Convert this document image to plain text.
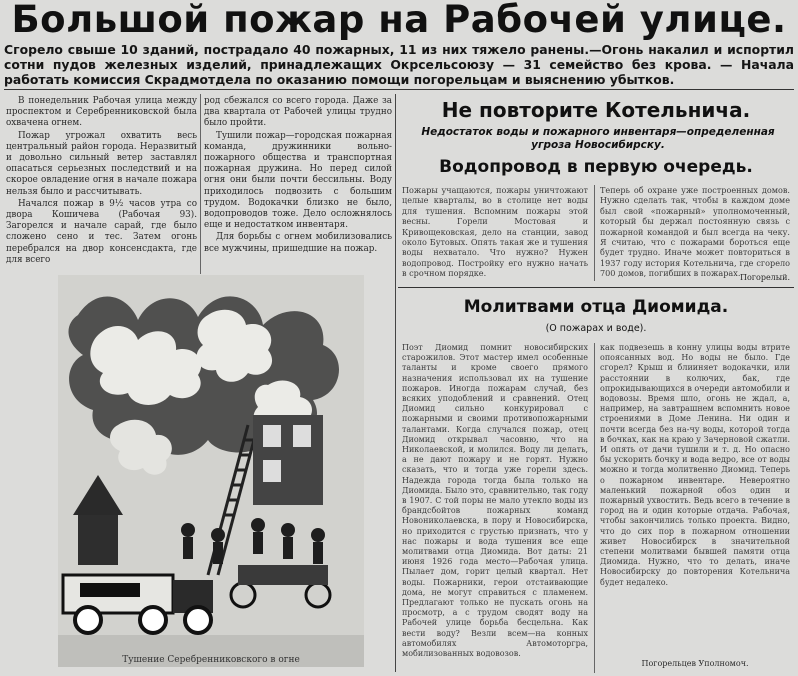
Большой пожар на Рабочей улице.
Сгорело свыше 10 зданий, пострадало 40 пожарных, 11 из них тяжело ранены.—Огонь накалил и испортил сотни пудов железных изделий, принадлежащих Окрсельсоюзу — 31 семейство без крова. — Начала работать комиссия Скрадмотдела по оказанию помощи погорельцам и выяснению убытков.

В понедельник Рабочая улица между проспектом и Серебренниковской была охвачена огнем.

Пожар угрожал охватить весь центральный район города. Неразвитый и довольно сильный ветер заставлял опасаться серьезных последствий и на скорое овладение огня в начале пожара нельзя было и рассчитывать.

Начался пожар в 9½ часов утра со двора Кошичева (Рабочая 93). Загорелся и начале сарай, где было сложено сено и тес. Затем огонь перебрался на двор консенсдакта, где для всего

род сбежался со всего города. Даже за два квартала от Рабочей улицы трудно было пройти.

Тушили пожар—городская пожарная команда, дружинники вольно-пожарного общества и транспортная пожарная дружина. Но перед силой огня они были почти бессильны. Воду приходилось подвозить с большим трудом. Водокачки близко не было, водопроводов тоже. Дело осложнялось еще и недостатком инвентаря.

Для борьбы с огнем мобилизовались все мужчины, пришедшие на пожар.

Тушение Серебренниковского в огне
Не повторите Котельнича.
Недостаток воды и пожарного инвентаря—определенная угроза Новосибирску.
Водопровод в первую очередь.
Пожары учащаются, пожары уничтожают целые кварталы, во в столице нет воды для тушения. Вспомним пожары этой весны. Горели Мостовая и Кривощековская, дело на станции, завод около Бутовых. Опять такая же и тушения воды нехватало. Что нужно? Нужен водопровод. Постройку его нужно начать в срочном порядке.
Теперь об охране уже построенных домов. Нужно сделать так, чтобы в каждом доме был свой «пожарный» уполномоченный, который бы держал постоянную связь с пожарной командой и был всегда на чеку. Я считаю, что с пожарами бороться еще будет трудно. Иначе может повториться в 1937 году история Котельнича, где сгорело 700 домов, погибших в пожарах. Погорелый.
Молитвами отца Диомида.
(О пожарах и воде).
Поэт Диомид помнит новосибирских старожилов. Этот мастер имел особенные таланты и кроме своего прямого назначения использовал их на тушение пожаров. Иногда пожарам случай, без всяких уподоблений и сравнений. Отец Диомид сильно конкурировал с пожарными и своими противопожарными талантами. Когда случался пожар, отец Диомид открывал часовню, что на Николаевской, и молился. Воду ли делать, а не дают пожару и не горят. Нужно сказать, что и тогда уже горели здесь. Надежда города тогда была только на Диомида. Было это, сравнительно, так году в 1907. С той поры не мало утекло воды из брандсбойтов пожарных команд Новониколаевска, в пору и Новосибирска, но приходится с грустью признать, что у нас пожары и вода тушения все еще молитвами отца Диомида. Вот даты: 21 июня 1926 года место—Рабочая улица. Пылает дом, горит целый квартал. Нет воды. Пожарники, герои отстаивающие дома, не могут справиться с пламенем. Предлагают только не пускать огонь на просмотр, а с трудом сводят воду на Рабочей улице борьба бесцельна. Как вести воду? Везли всем—на конных автомобилях Автомоторгра, мобилизованных водовозов.
как подвезешь в конну улицы воды втрите опоясанных вод. Но воды не было. Где сгорел? Крыш и блииняет водокачки, или расстоянии в колючих, бак, где опрокидывающихся в очереди автомобили и водовозы. Время шло, огонь не ждал, а, например, на завтрашнем вспомнить новое строениями в Доме Ленина. Ни один и почти всегда без на-чу воды, которой тогда в бочках, как на краю у Зачерновой сжатли. И опять от дачи тушили и т. д. Но опасно бы ускорить бочку и вода ведро, все от воды можно и тогда молитвенно Диомид. Теперь о пожарном инвентаре. Невероятно маленький пожарной обоз один и пожарный ухвостить. Ведь всего в течение в город на и один которые отдача. Рабочая, чтобы закончились только проекта. Видно, что до сих пор в пожарном отношении живет Новосибирск в значительной степени молитвами бывшей памяти отца Диомида. Нужно, что то делать, иначе Новосибирску до повторения Котельнича будет недалеко.
Погорельцев Уполномоч.
